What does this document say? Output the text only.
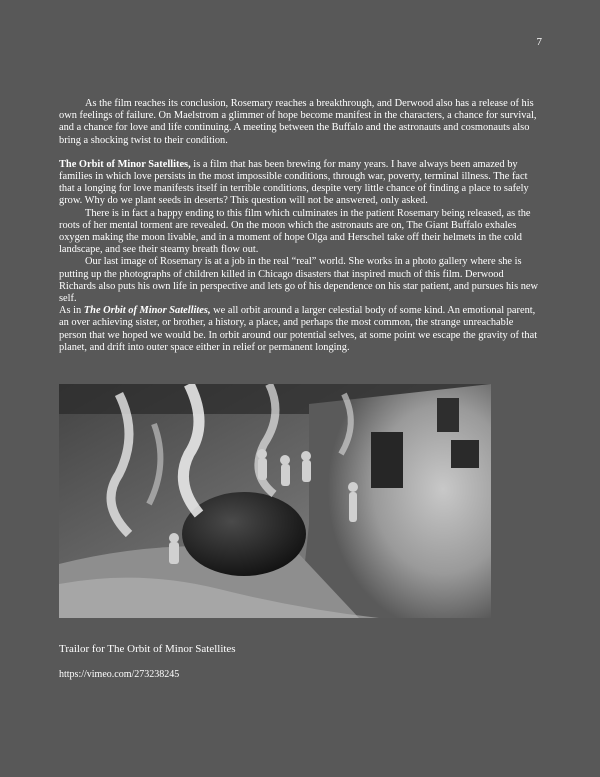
7

As the film reaches its conclusion, Rosemary reaches a breakthrough, and Derwood also has a release of his own feelings of failure. On Maelstrom a glimmer of hope become manifest in the characters, a chance for survival, and a chance for love and life continuing. A meeting between the Buffalo and the astronauts and cosmonauts also bring a shocking twist to their condition.

The Orbit of Minor Satellites, is a film that has been brewing for many years. I have always been amazed by families in which love persists in the most impossible conditions, through war, poverty, terminal illness. The fact that a longing for love manifests itself in terrible conditions, despite very little chance of finding a place to safely grow. Why do we plant seeds in deserts? This question will not be answered, only asked.

There is in fact a happy ending to this film which culminates in the patient Rosemary being released, as the roots of her mental torment are revealed. On the moon which the astronauts are on, The Giant Buffalo exhales oxygen making the moon livable, and in a moment of hope Olga and Herschel take off their helmets in the cold landscape, and see their steamy breath flow out.

Our last image of Rosemary is at a job in the real “real” world. She works in a photo gallery where she is putting up the photographs of children killed in Chicago disasters that inspired much of this film. Derwood Richards also puts his own life in perspective and lets go of his dependence on his star patient, and pursues his new self.

As in The Orbit of Minor Satellites, we all orbit around a larger celestial body of some kind. An emotional parent, an over achieving sister, or brother, a history, a place, and perhaps the most common, the strange unreachable person that we hoped we would be. In orbit around our potential selves, at some point we escape the gravity of that planet, and drift into outer space either in relief or permanent longing.

Trailor for The Orbit of Minor Satellites
https://vimeo.com/273238245
